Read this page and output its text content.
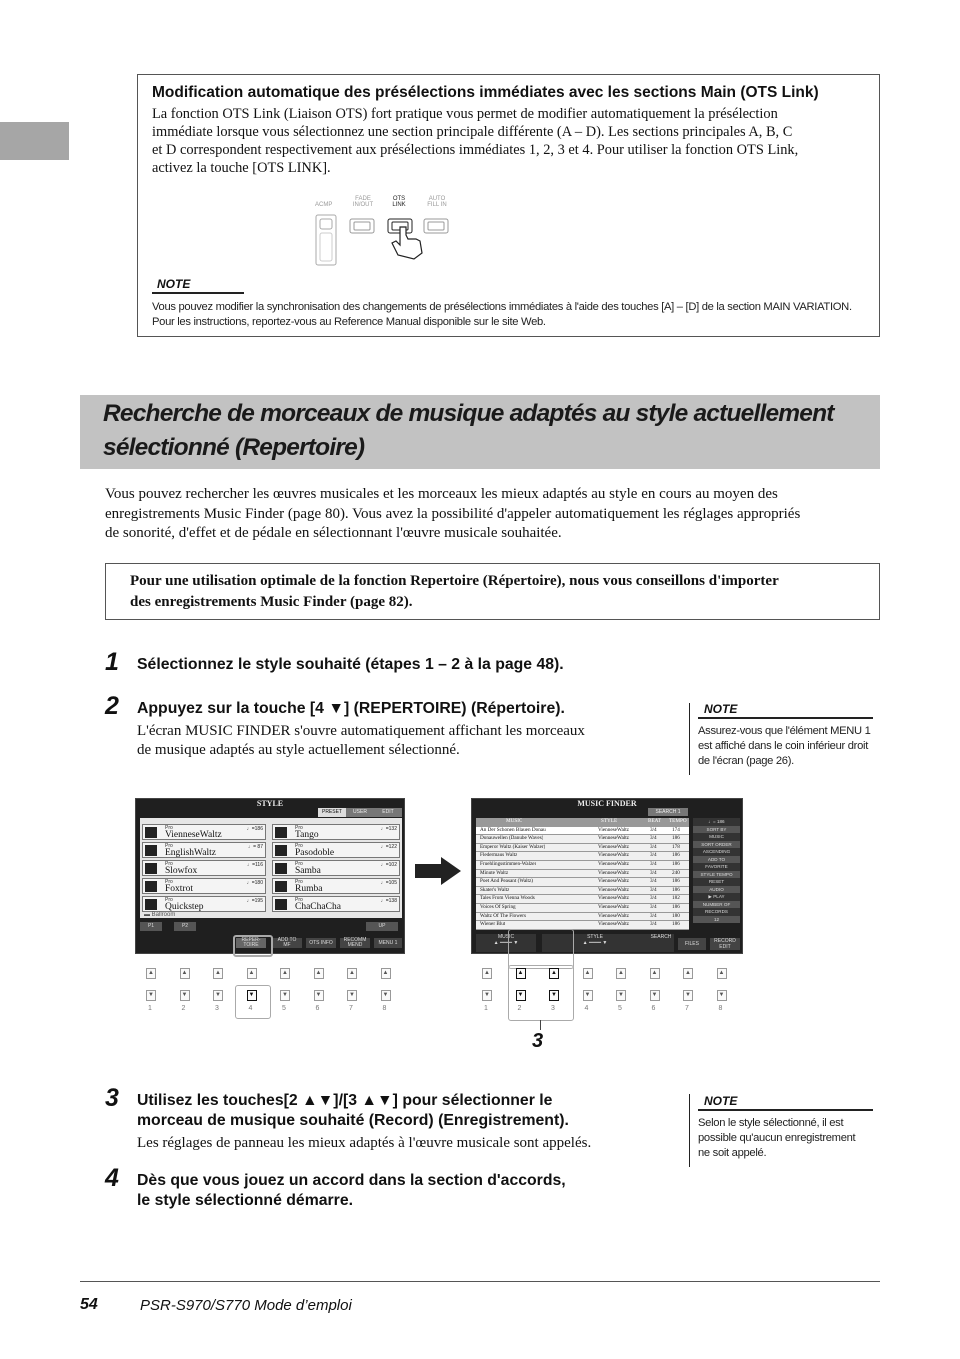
Modification automatique des présélections immédiates avec les sections Main (OTS Link)
La fonction OTS Link (Liaison OTS) fort pratique vous permet de modifier automatiquement la présélection
immédiate lorsque vous sélectionnez une section principale différente (A – D). Les sections principales A, B, C
et D correspondent respectivement aux présélections immédiates 1, 2, 3 et 4. Pour utiliser la fonction OTS Link,
activez la touche [OTS LINK].
ACMP
FADE
IN/OUT
OTS
LINK
AUTO
FILL IN
NOTE
Vous pouvez modifier la synchronisation des changements de présélections immédiates à l'aide des touches [A] – [D] de la section MAIN VARIATION.
Pour les instructions, reportez-vous au Reference Manual disponible sur le site Web.
Recherche de morceaux de musique adaptés au style actuellement
sélectionné (Repertoire)
Vous pouvez rechercher les œuvres musicales et les morceaux les mieux adaptés au style en cours au moyen des
enregistrements Music Finder (page 80). Vous avez la possibilité d'appeler automatiquement les réglages appropriés
de sonorité, d'effet et de pédale en sélectionnant l'œuvre musicale souhaitée.
Pour une utilisation optimale de la fonction Repertoire (Répertoire), nous vous conseillons d'importer
des enregistrements Music Finder (page 82).
1 Sélectionnez le style souhaité (étapes 1 – 2 à la page 48).
2 Appuyez sur la touche [4 ▼] (REPERTOIRE) (Répertoire).
L'écran MUSIC FINDER s'ouvre automatiquement affichant les morceaux
de musique adaptés au style actuellement sélectionné.
NOTE
Assurez-vous que l'élément MENU 1
est affiché dans le coin inférieur droit
de l'écran (page 26).
STYLE
PRESET	USER	EDIT
Pro
VienneseWaltz
♩=186
Pro
EnglishWaltz
♩= 87
Pro
Slowfox
♩=116
Pro
Foxtrot
♩=180
Pro
Quickstep
♩=195
Pro
Tango
♩=132
Pro
Pasodoble
♩=122
Pro
Samba
♩=102
Pro
Rumba
♩=105
Pro
ChaChaCha
♩=138
▬ Ballroom
P1	P2	UP
REPER-
TOIRE
ADD TO
MF	OTS INFO	RECOMM
MEND	MENU 1
MUSIC FINDER
SEARCH 1
MUSIC	STYLE	BEAT TEMPO
An Der Schonen Blauen Donau	VienneseWaltz	3/4	174
Donauwellen (Danube Waves)	VienneseWaltz	3/4	186
Emperor Waltz (Kaiser Walzer)	VienneseWaltz	3/4	178
Fledermaus Waltz	VienneseWaltz	3/4	186
Fruehlingsstimmen-Walzer	VienneseWaltz	3/4	186
Minute Waltz	VienneseWaltz	3/4	240
Poet And Peasant (Waltz)	VienneseWaltz	3/4	186
Skater's Waltz	VienneseWaltz	3/4	186
Tales From Vienna Woods	VienneseWaltz	3/4	182
Voices Of Spring	VienneseWaltz	3/4	186
Waltz Of The Flowers	VienneseWaltz	3/4	180
Wiener Blut	VienneseWaltz	3/4	186
♩= 186
SORT BY
MUSIC
SORT ORDER
ASCENDING
ADD TO
FAVORITE
STYLE TEMPO
RESET
AUDIO
▶ PLAY
NUMBER OF
RECORDS
12
MUSIC
▲ ━━━━ ▼
STYLE
▲ ━━━━ ▼
SEARCH
FILES	RECORD
EDIT
▲
▼
1
▲
▼
2
▲
▼
3
▲
▼
4
▲
▼
5
▲
▼
6
▲
▼
7
▲
▼
8
▲
▼
1
▲
▼
2
▲
▼
3
▲
▼
4
▲
▼
5
▲
▼
6
▲
▼
7
▲
▼
8
3
3 Utilisez les touches[2 ▲▼]/[3 ▲▼] pour sélectionner le
morceau de musique souhaité (Record) (Enregistrement).
Les réglages de panneau les mieux adaptés à l'œuvre musicale sont appelés.
NOTE
Selon le style sélectionné, il est
possible qu'aucun enregistrement
ne soit appelé.
4 Dès que vous jouez un accord dans la section d'accords,
le style sélectionné démarre.
54	PSR-S970/S770 Mode d’emploi
